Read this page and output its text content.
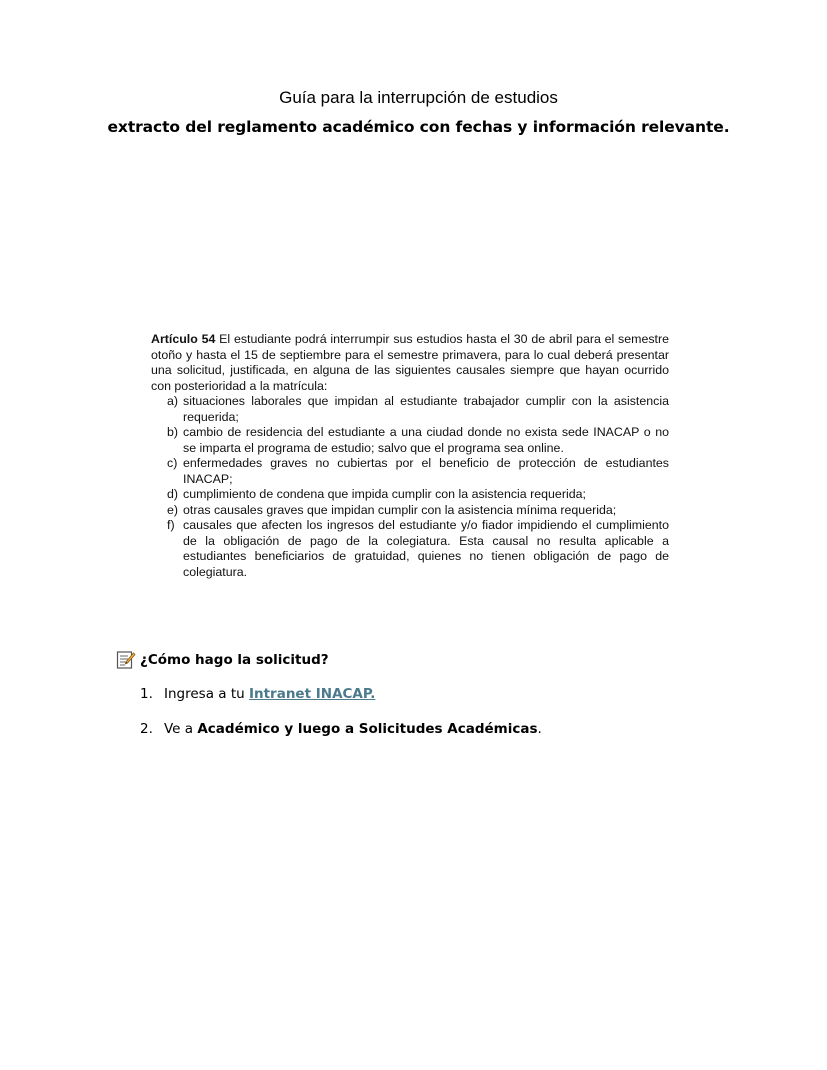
Guía para la interrupción de estudios
extracto del reglamento académico con fechas y información relevante.

Artículo 54 El estudiante podrá interrumpir sus estudios hasta el 30 de abril para el semestre otoño y hasta el 15 de septiembre para el semestre primavera, para lo cual deberá presentar una solicitud, justificada, en alguna de las siguientes causales siempre que hayan ocurrido con posterioridad a la matrícula:

a) situaciones laborales que impidan al estudiante trabajador cumplir con la asistencia requerida;
b) cambio de residencia del estudiante a una ciudad donde no exista sede INACAP o no se imparta el programa de estudio; salvo que el programa sea online.
c) enfermedades graves no cubiertas por el beneficio de protección de estudiantes INACAP;
d) cumplimiento de condena que impida cumplir con la asistencia requerida;
e) otras causales graves que impidan cumplir con la asistencia mínima requerida;
f) causales que afecten los ingresos del estudiante y/o fiador impidiendo el cumplimiento de la obligación de pago de la colegiatura. Esta causal no resulta aplicable a estudiantes beneficiarios de gratuidad, quienes no tienen obligación de pago de colegiatura.
¿Cómo hago la solicitud?
1. Ingresa a tu Intranet INACAP.
2. Ve a Académico y luego a Solicitudes Académicas.
